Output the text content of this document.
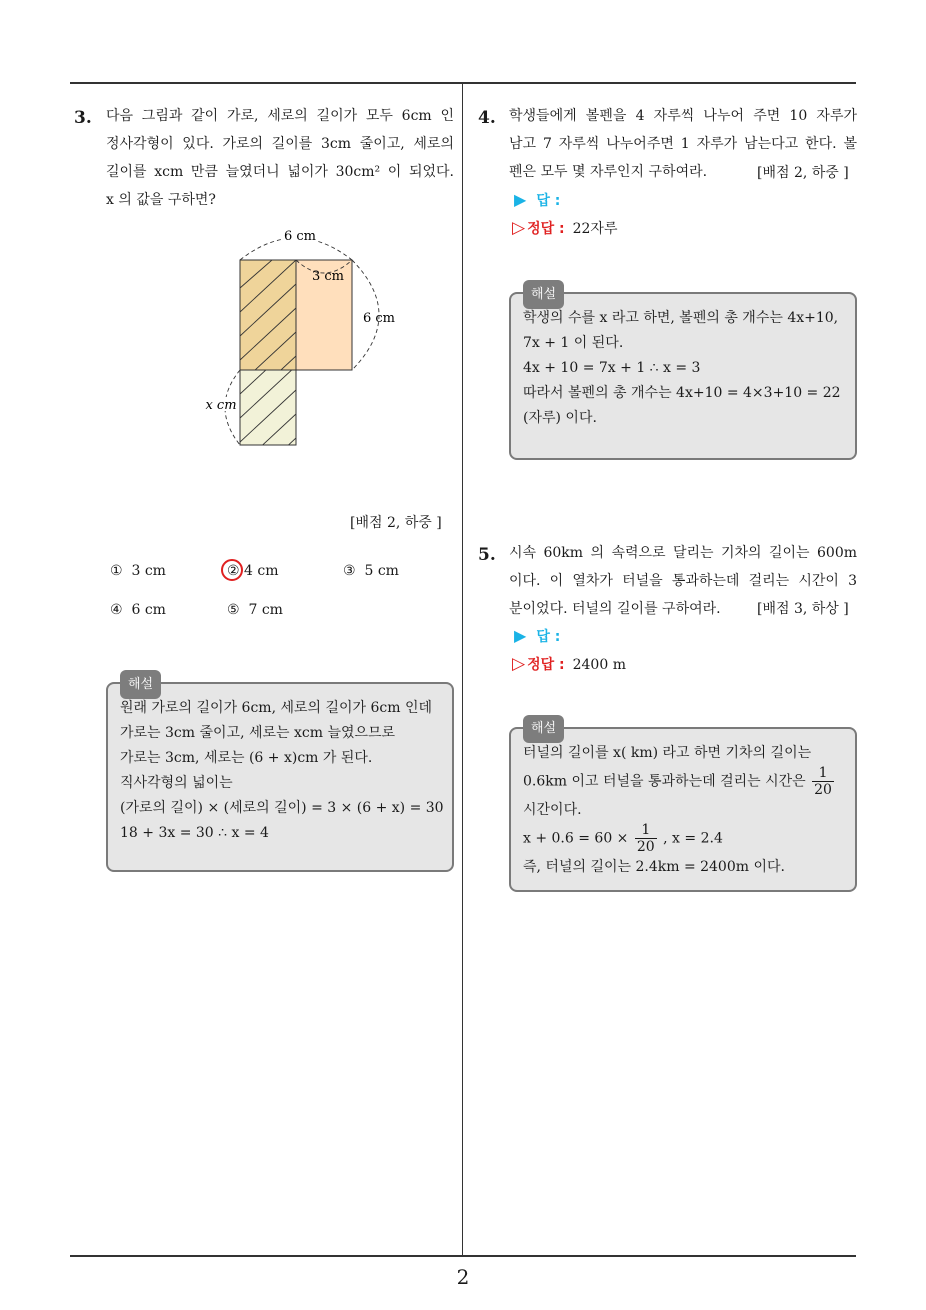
3. 다음 그림과 같이 가로, 세로의 길이가 모두 6cm 인
정사각형이 있다. 가로의 길이를 3cm 줄이고, 세로의
길이를 xcm 만큼 늘였더니 넓이가 30cm² 이 되었다.
x 의 값을 구하면?
6 cm
3 cm
6 cm
x cm
[배점 2, 하중 ]
① 3 cm	② 4 cm	③ 5 cm
④ 6 cm	⑤ 7 cm
해설
원래 가로의 길이가 6cm, 세로의 길이가 6cm 인데
가로는 3cm 줄이고, 세로는 xcm 늘였으므로
가로는 3cm, 세로는 (6 + x)cm 가 된다.
직사각형의 넓이는
(가로의 길이) × (세로의 길이) = 3 × (6 + x) = 30
18 + 3x = 30 ∴ x = 4
4. 학생들에게 볼펜을 4 자루씩 나누어 주면 10 자루가
남고 7 자루씩 나누어주면 1 자루가 남는다고 한다. 볼
펜은 모두 몇 자루인지 구하여라.	[배점 2, 하중 ]
▶ 답 :
▷ 정답 : 22자루
해설
학생의 수를 x 라고 하면, 볼펜의 총 개수는 4x+10,
7x + 1 이 된다.
4x + 10 = 7x + 1 ∴ x = 3
따라서 볼펜의 총 개수는 4x+10 = 4×3+10 = 22
(자루) 이다.
5. 시속 60km 의 속력으로 달리는 기차의 길이는 600m
이다. 이 열차가 터널을 통과하는데 걸리는 시간이 3
분이었다. 터널의 길이를 구하여라.	[배점 3, 하상 ]
▶ 답 :
▷ 정답 : 2400 m
해설
터널의 길이를 x( km) 라고 하면 기차의 길이는
0.6km 이고 터널을 통과하는데 걸리는 시간은 $\frac{1}{20}$
시간이다.
$x + 0.6 = 60 \times \frac{1}{20}$ , x = 2.4
즉, 터널의 길이는 2.4km = 2400m 이다.
2
